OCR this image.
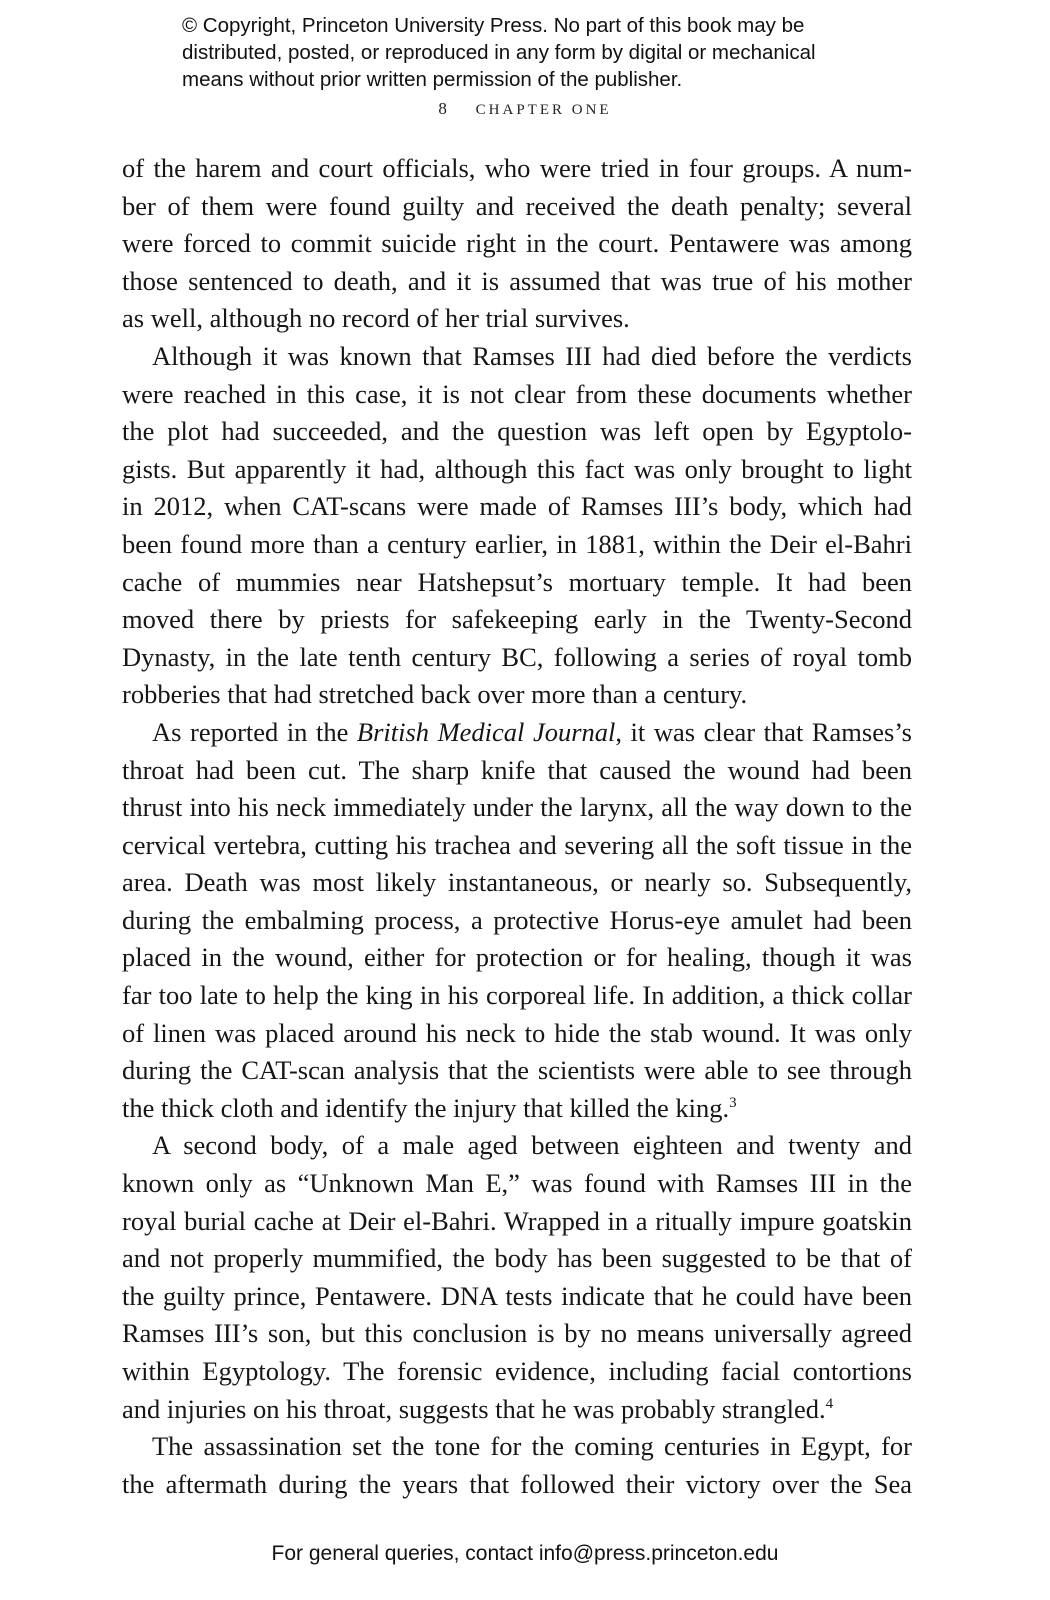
© Copyright, Princeton University Press. No part of this book may be
distributed, posted, or reproduced in any form by digital or mechanical
means without prior written permission of the publisher.
8 CHAPTER ONE
of the harem and court officials, who were tried in four groups. A num-
ber of them were found guilty and received the death penalty; several
were forced to commit suicide right in the court. Pentawere was among
those sentenced to death, and it is assumed that was true of his mother
as well, although no record of her trial survives.
Although it was known that Ramses III had died before the verdicts
were reached in this case, it is not clear from these documents whether
the plot had succeeded, and the question was left open by Egyptolo-
gists. But apparently it had, although this fact was only brought to light
in 2012, when CAT-scans were made of Ramses III’s body, which had
been found more than a century earlier, in 1881, within the Deir el-Bahri
cache of mummies near Hatshepsut’s mortuary temple. It had been
moved there by priests for safekeeping early in the Twenty-Second
Dynasty, in the late tenth century BC, following a series of royal tomb
robberies that had stretched back over more than a century.
As reported in the British Medical Journal, it was clear that Ramses’s
throat had been cut. The sharp knife that caused the wound had been
thrust into his neck immediately under the larynx, all the way down to the
cervical vertebra, cutting his trachea and severing all the soft tissue in the
area. Death was most likely instantaneous, or nearly so. Subsequently,
during the embalming process, a protective Horus-eye amulet had been
placed in the wound, either for protection or for healing, though it was
far too late to help the king in his corporeal life. In addition, a thick collar
of linen was placed around his neck to hide the stab wound. It was only
during the CAT-scan analysis that the scientists were able to see through
the thick cloth and identify the injury that killed the king.$^3$
A second body, of a male aged between eighteen and twenty and
known only as “Unknown Man E,” was found with Ramses III in the
royal burial cache at Deir el-Bahri. Wrapped in a ritually impure goatskin
and not properly mummified, the body has been suggested to be that of
the guilty prince, Pentawere. DNA tests indicate that he could have been
Ramses III’s son, but this conclusion is by no means universally agreed
within Egyptology. The forensic evidence, including facial contortions
and injuries on his throat, suggests that he was probably strangled.$^4$
The assassination set the tone for the coming centuries in Egypt, for
the aftermath during the years that followed their victory over the Sea
For general queries, contact info@press.princeton.edu
